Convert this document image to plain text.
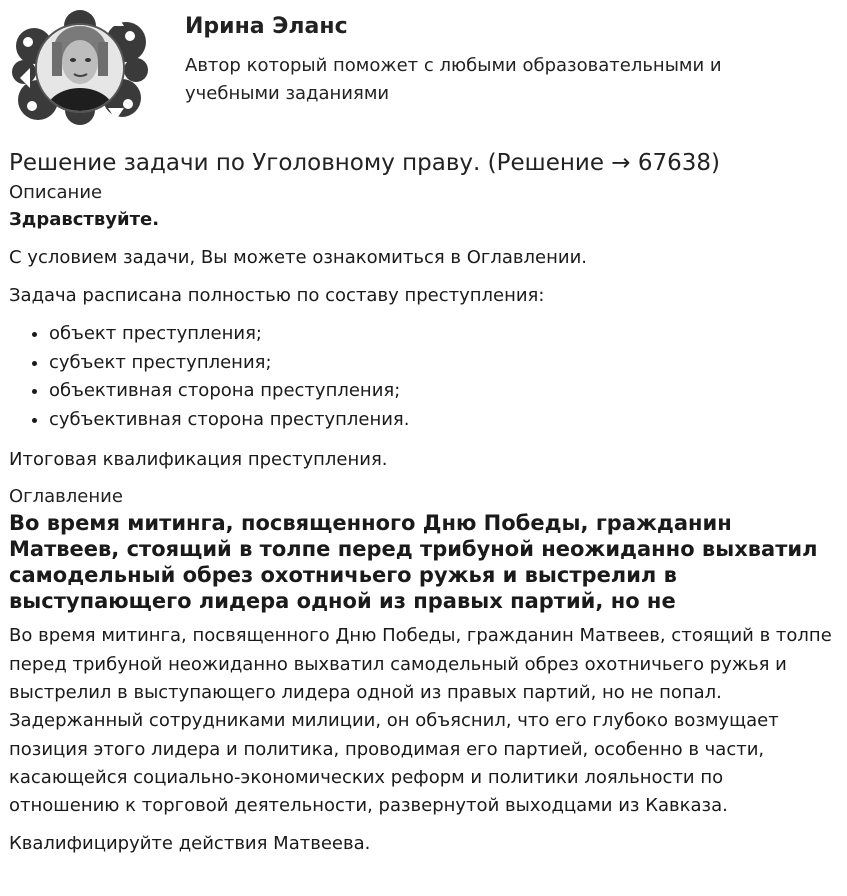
Ирина Эланс
Автор который поможет с любыми образовательными и учебными заданиями
Решение задачи по Уголовному праву. (Решение → 67638)
Описание

Здравствуйте.

С условием задачи, Вы можете ознакомиться в Оглавлении.

Задача расписана полностью по составу преступления:

• объект преступления;
• субъект преступления;
• объективная сторона преступления;
• субъективная сторона преступления.

Итоговая квалификация преступления.

Оглавление
Во время митинга, посвященного Дню Победы, гражданин Матвеев, стоящий в толпе перед трибуной неожиданно выхватил самодельный обрез охотничьего ружья и выстрелил в выступающего лидера одной из правых партий, но не

Во время митинга, посвященного Дню Победы, гражданин Матвеев, стоящий в толпе перед трибуной неожиданно выхватил самодельный обрез охотничьего ружья и выстрелил в выступающего лидера одной из правых партий, но не попал. Задержанный сотрудниками милиции, он объяснил, что его глубоко возмущает позиция этого лидера и политика, проводимая его партией, особенно в части, касающейся социально-экономических реформ и политики лояльности по отношению к торговой деятельности, развернутой выходцами из Кавказа.

Квалифицируйте действия Матвеева.
